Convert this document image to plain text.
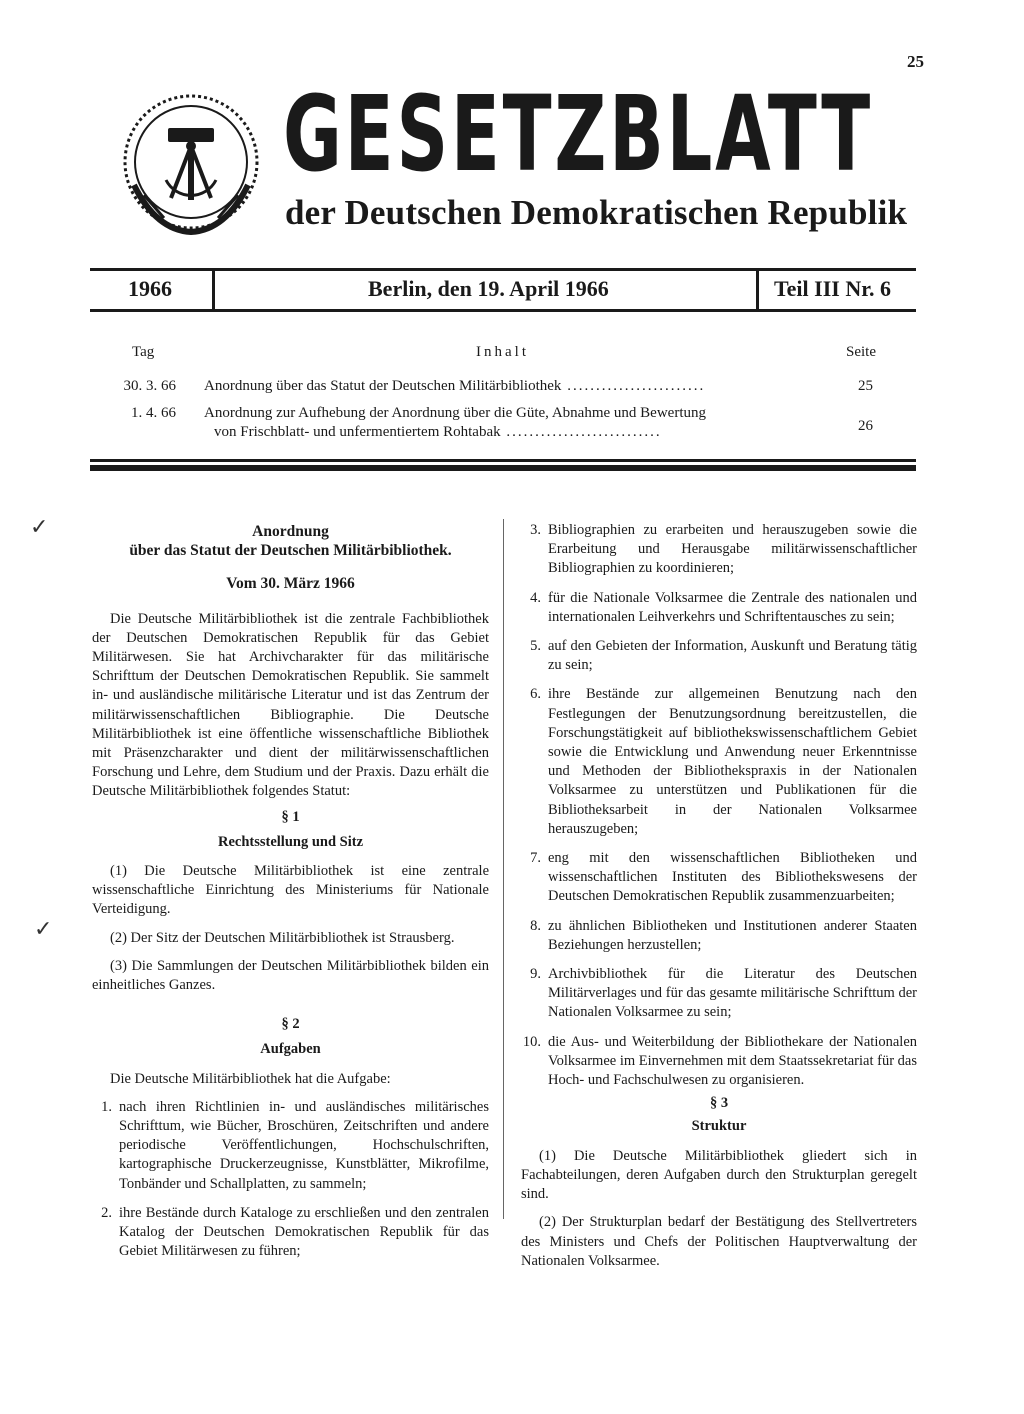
25
GESETZBLATT
der Deutschen Demokratischen Republik
1966	Berlin, den 19. April 1966	Teil III Nr. 6
Tag	Inhalt	Seite
30. 3. 66 Anordnung über das Statut der Deutschen Militärbibliothek ........................	25
1. 4. 66 Anordnung zur Aufhebung der Anordnung über die Güte, Abnahme und Bewertung
von Frischblatt- und unfermentiertem Rohtabak ...........................	26
✓
✓

Anordnung

über das Statut der Deutschen Militärbibliothek.

Vom 30. März 1966

Die Deutsche Militärbibliothek ist die zentrale Fachbibliothek der Deutschen Demokratischen Republik für das Gebiet Militärwesen. Sie hat Archivcharakter für das militärische Schrifttum der Deutschen Demokratischen Republik. Sie sammelt in- und ausländische militärische Literatur und ist das Zentrum der militärwissenschaftlichen Bibliographie. Die Deutsche Militärbibliothek ist eine öffentliche wissenschaftliche Bibliothek mit Präsenzcharakter und dient der militärwissenschaftlichen Forschung und Lehre, dem Studium und der Praxis. Dazu erhält die Deutsche Militärbibliothek folgendes Statut:

§ 1

Rechtsstellung und Sitz

(1) Die Deutsche Militärbibliothek ist eine zentrale wissenschaftliche Einrichtung des Ministeriums für Nationale Verteidigung.

(2) Der Sitz der Deutschen Militärbibliothek ist Strausberg.

(3) Die Sammlungen der Deutschen Militärbibliothek bilden ein einheitliches Ganzes.

§ 2

Aufgaben

Die Deutsche Militärbibliothek hat die Aufgabe:

1. nach ihren Richtlinien in- und ausländisches militärisches Schrifttum, wie Bücher, Broschüren, Zeitschriften und andere periodische Veröffentlichungen, Hochschulschriften, kartographische Druckerzeugnisse, Kunstblätter, Mikrofilme, Tonbänder und Schallplatten, zu sammeln;
2. ihre Bestände durch Kataloge zu erschließen und den zentralen Katalog der Deutschen Demokratischen Republik für das Gebiet Militärwesen zu führen;
3. Bibliographien zu erarbeiten und herauszugeben sowie die Erarbeitung und Herausgabe militärwissenschaftlicher Bibliographien zu koordinieren;
4. für die Nationale Volksarmee die Zentrale des nationalen und internationalen Leihverkehrs und Schriftentausches zu sein;
5. auf den Gebieten der Information, Auskunft und Beratung tätig zu sein;
6. ihre Bestände zur allgemeinen Benutzung nach den Festlegungen der Benutzungsordnung bereitzustellen, die Forschungstätigkeit auf bibliothekswissenschaftlichem Gebiet sowie die Entwicklung und Anwendung neuer Erkenntnisse und Methoden der Bibliothekspraxis in der Nationalen Volksarmee zu unterstützen und Publikationen für die Bibliotheksarbeit in der Nationalen Volksarmee herauszugeben;
7. eng mit den wissenschaftlichen Bibliotheken und wissenschaftlichen Instituten des Bibliothekswesens der Deutschen Demokratischen Republik zusammenzuarbeiten;
8. zu ähnlichen Bibliotheken und Institutionen anderer Staaten Beziehungen herzustellen;
9. Archivbibliothek für die Literatur des Deutschen Militärverlages und für das gesamte militärische Schrifttum der Nationalen Volksarmee zu sein;
10. die Aus- und Weiterbildung der Bibliothekare der Nationalen Volksarmee im Einvernehmen mit dem Staatssekretariat für das Hoch- und Fachschulwesen zu organisieren.

§ 3

Struktur

(1) Die Deutsche Militärbibliothek gliedert sich in Fachabteilungen, deren Aufgaben durch den Strukturplan geregelt sind.

(2) Der Strukturplan bedarf der Bestätigung des Stellvertreters des Ministers und Chefs der Politischen Hauptverwaltung der Nationalen Volksarmee.
